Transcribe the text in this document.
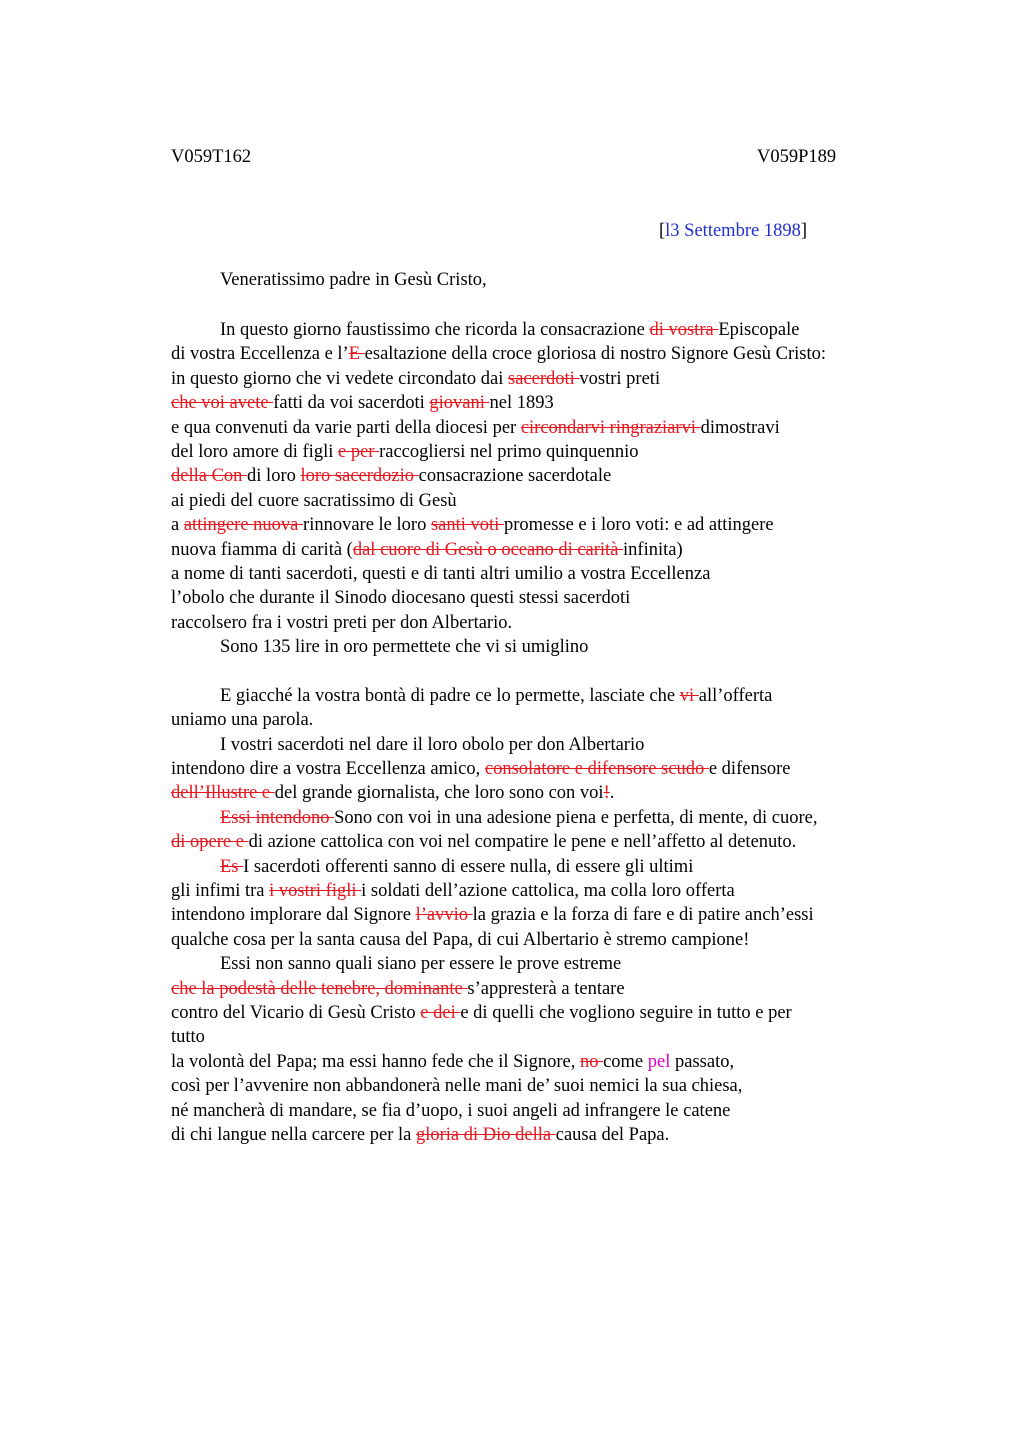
V059T162	V059P189
[l3 Settembre 1898]
Veneratissimo padre in Gesù Cristo,
In questo giorno faustissimo che ricorda la consacrazione di vostra Episcopale
di vostra Eccellenza e l’E esaltazione della croce gloriosa di nostro Signore Gesù Cristo:
in questo giorno che vi vedete circondato dai sacerdoti vostri preti
che voi avete fatti da voi sacerdoti giovani nel 1893
e qua convenuti da varie parti della diocesi per circondarvi ringraziarvi dimostravi
del loro amore di figli e per raccogliersi nel primo quinquennio
della Con di loro loro sacerdozio consacrazione sacerdotale
ai piedi del cuore sacratissimo di Gesù
a attingere nuova rinnovare le loro santi voti promesse e i loro voti: e ad attingere
nuova fiamma di carità (dal cuore di Gesù o oceano di carità infinita)
a nome di tanti sacerdoti, questi e di tanti altri umilio a vostra Eccellenza
l’obolo che durante il Sinodo diocesano questi stessi sacerdoti
raccolsero fra i vostri preti per don Albertario.
Sono 135 lire in oro permettete che vi si umiglino
E giacché la vostra bontà di padre ce lo permette, lasciate che vi all’offerta
uniamo una parola.
I vostri sacerdoti nel dare il loro obolo per don Albertario
intendono dire a vostra Eccellenza amico, consolatore e difensore scudo e difensore
dell’Illustre e del grande giornalista, che loro sono con voi!.
Essi intendono Sono con voi in una adesione piena e perfetta, di mente, di cuore,
di opere e di azione cattolica con voi nel compatire le pene e nell’affetto al detenuto.
Es I sacerdoti offerenti sanno di essere nulla, di essere gli ultimi
gli infimi tra i vostri figli i soldati dell’azione cattolica, ma colla loro offerta
intendono implorare dal Signore l’avvio la grazia e la forza di fare e di patire anch’essi
qualche cosa per la santa causa del Papa, di cui Albertario è stremo campione!
Essi non sanno quali siano per essere le prove estreme
che la podestà delle tenebre, dominante s’appresterà a tentare
contro del Vicario di Gesù Cristo e dei e di quelli che vogliono seguire in tutto e per
tutto
la volontà del Papa; ma essi hanno fede che il Signore, no come pel passato,
così per l’avvenire non abbandonerà nelle mani de’ suoi nemici la sua chiesa,
né mancherà di mandare, se fia d’uopo, i suoi angeli ad infrangere le catene
di chi langue nella carcere per la gloria di Dio della causa del Papa.
